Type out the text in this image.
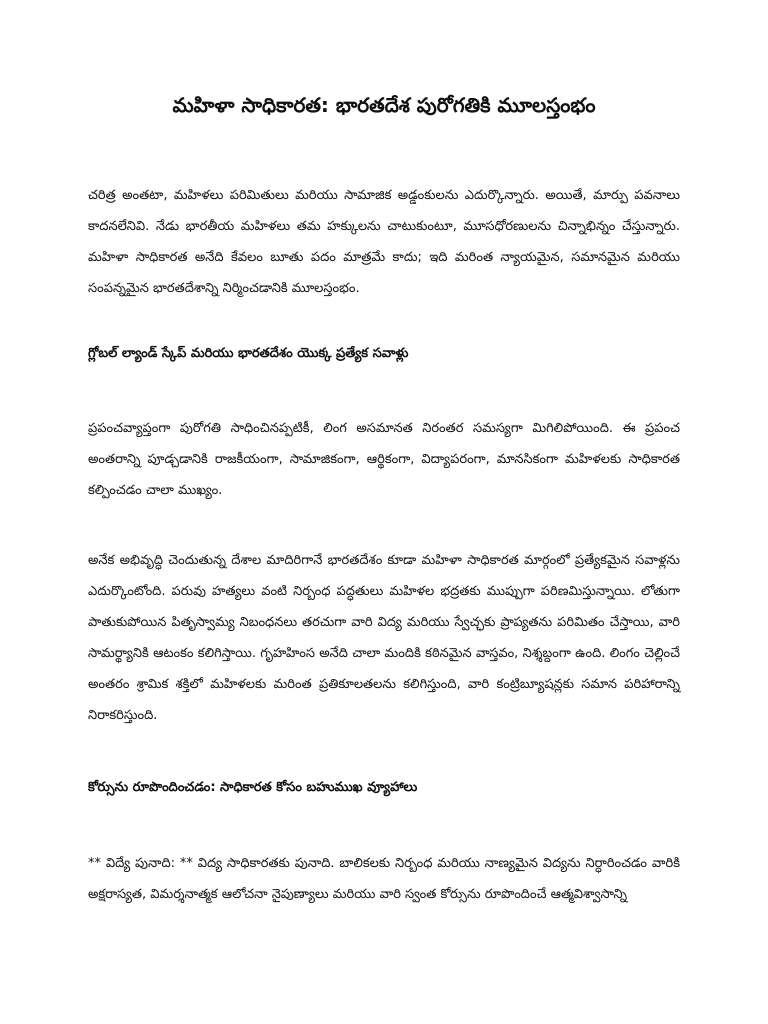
మహిళా సాధికారత: భారతదేశ పురోగతికి మూలస్తంభం
చరిత్ర అంతటా, మహిళలు పరిమితులు మరియు సామాజిక అడ్డంకులను ఎదుర్కొన్నారు. అయితే, మార్పు పవనాలు కాదనలేనివి. నేడు భారతీయ మహిళలు తమ హక్కులను చాటుకుంటూ, మూసధోరణులను చిన్నాభిన్నం చేస్తున్నారు. మహిళా సాధికారత అనేది కేవలం బూతు పదం మాత్రమే కాదు; ఇది మరింత న్యాయమైన, సమానమైన మరియు సంపన్నమైన భారతదేశాన్ని నిర్మించడానికి మూలస్తంభం.
గ్లోబల్ ల్యాండ్ స్కేప్ మరియు భారతదేశం యొక్క ప్రత్యేక సవాళ్లు
ప్రపంచవ్యాప్తంగా పురోగతి సాధించినప్పటికీ, లింగ అసమానత నిరంతర సమస్యగా మిగిలిపోయింది. ఈ ప్రపంచ అంతరాన్ని పూడ్చడానికి రాజకీయంగా, సామాజికంగా, ఆర్థికంగా, విద్యాపరంగా, మానసికంగా మహిళలకు సాధికారత కల్పించడం చాలా ముఖ్యం.
అనేక అభివృద్ధి చెందుతున్న దేశాల మాదిరిగానే భారతదేశం కూడా మహిళా సాధికారత మార్గంలో ప్రత్యేకమైన సవాళ్లను ఎదుర్కొంటోంది. పరువు హత్యలు వంటి నిర్బంధ పద్ధతులు మహిళల భద్రతకు ముప్పుగా పరిణమిస్తున్నాయి. లోతుగా పాతుకుపోయిన పితృస్వామ్య నిబంధనలు తరచుగా వారి విద్య మరియు స్వేచ్ఛకు ప్రాప్యతను పరిమితం చేస్తాయి, వారి సామర్థ్యానికి ఆటంకం కలిగిస్తాయి. గృహహింస అనేది చాలా మందికి కఠినమైన వాస్తవం, నిశ్శబ్దంగా ఉంది. లింగం చెల్లించే అంతరం శ్రామిక శక్తిలో మహిళలకు మరింత ప్రతికూలతలను కలిగిస్తుంది, వారి కంట్రిబ్యూషన్లకు సమాన పరిహారాన్ని నిరాకరిస్తుంది.
కోర్సును రూపొందించడం: సాధికారత కోసం బహుముఖ వ్యూహాలు
** విద్యే పునాది: ** విద్య సాధికారతకు పునాది. బాలికలకు నిర్బంధ మరియు నాణ్యమైన విద్యను నిర్ధారించడం వారికి అక్షరాస్యత, విమర్శనాత్మక ఆలోచనా నైపుణ్యాలు మరియు వారి స్వంత కోర్సును రూపొందించే ఆత్మవిశ్వాసాన్ని
